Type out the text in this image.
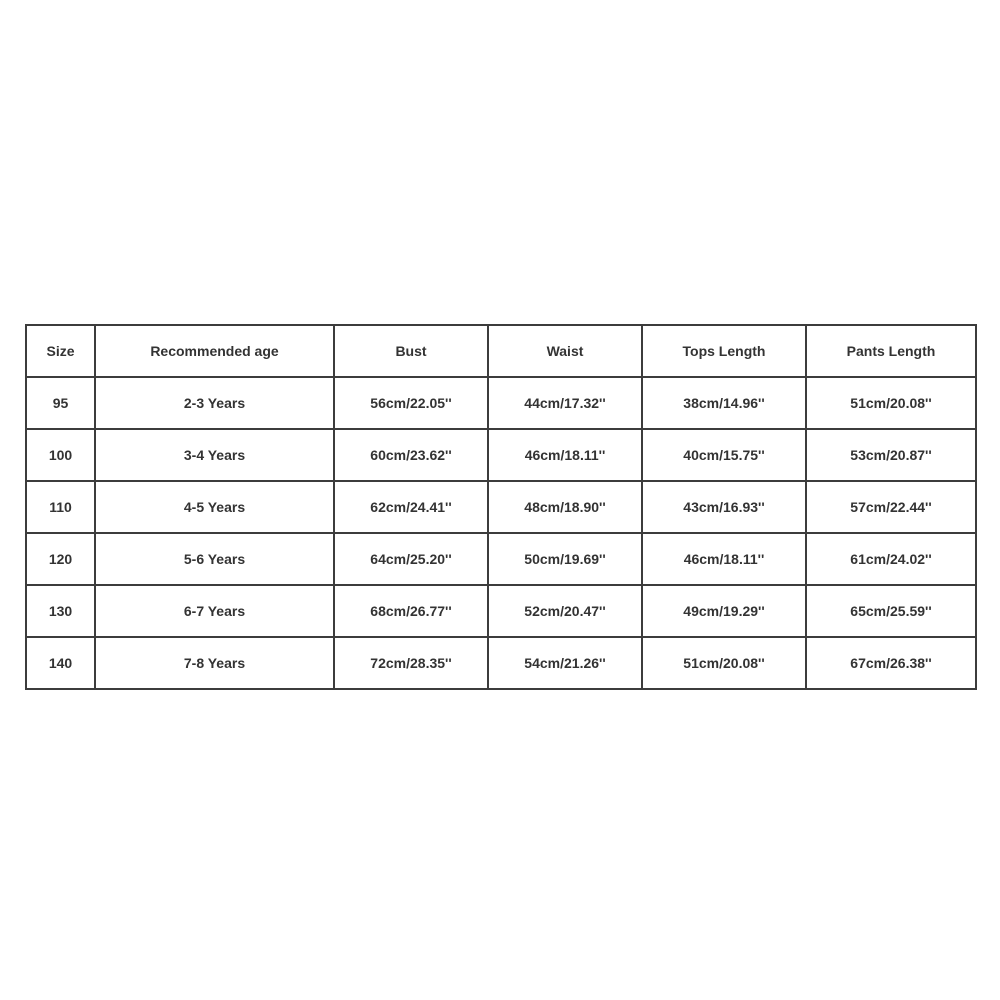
Size	Recommended age	Bust	Waist	Tops Length	Pants Length
95	2-3 Years	56cm/22.05''	44cm/17.32''	38cm/14.96''	51cm/20.08''
100	3-4 Years	60cm/23.62''	46cm/18.11''	40cm/15.75''	53cm/20.87''
110	4-5 Years	62cm/24.41''	48cm/18.90''	43cm/16.93''	57cm/22.44''
120	5-6 Years	64cm/25.20''	50cm/19.69''	46cm/18.11''	61cm/24.02''
130	6-7 Years	68cm/26.77''	52cm/20.47''	49cm/19.29''	65cm/25.59''
140	7-8 Years	72cm/28.35''	54cm/21.26''	51cm/20.08''	67cm/26.38''
